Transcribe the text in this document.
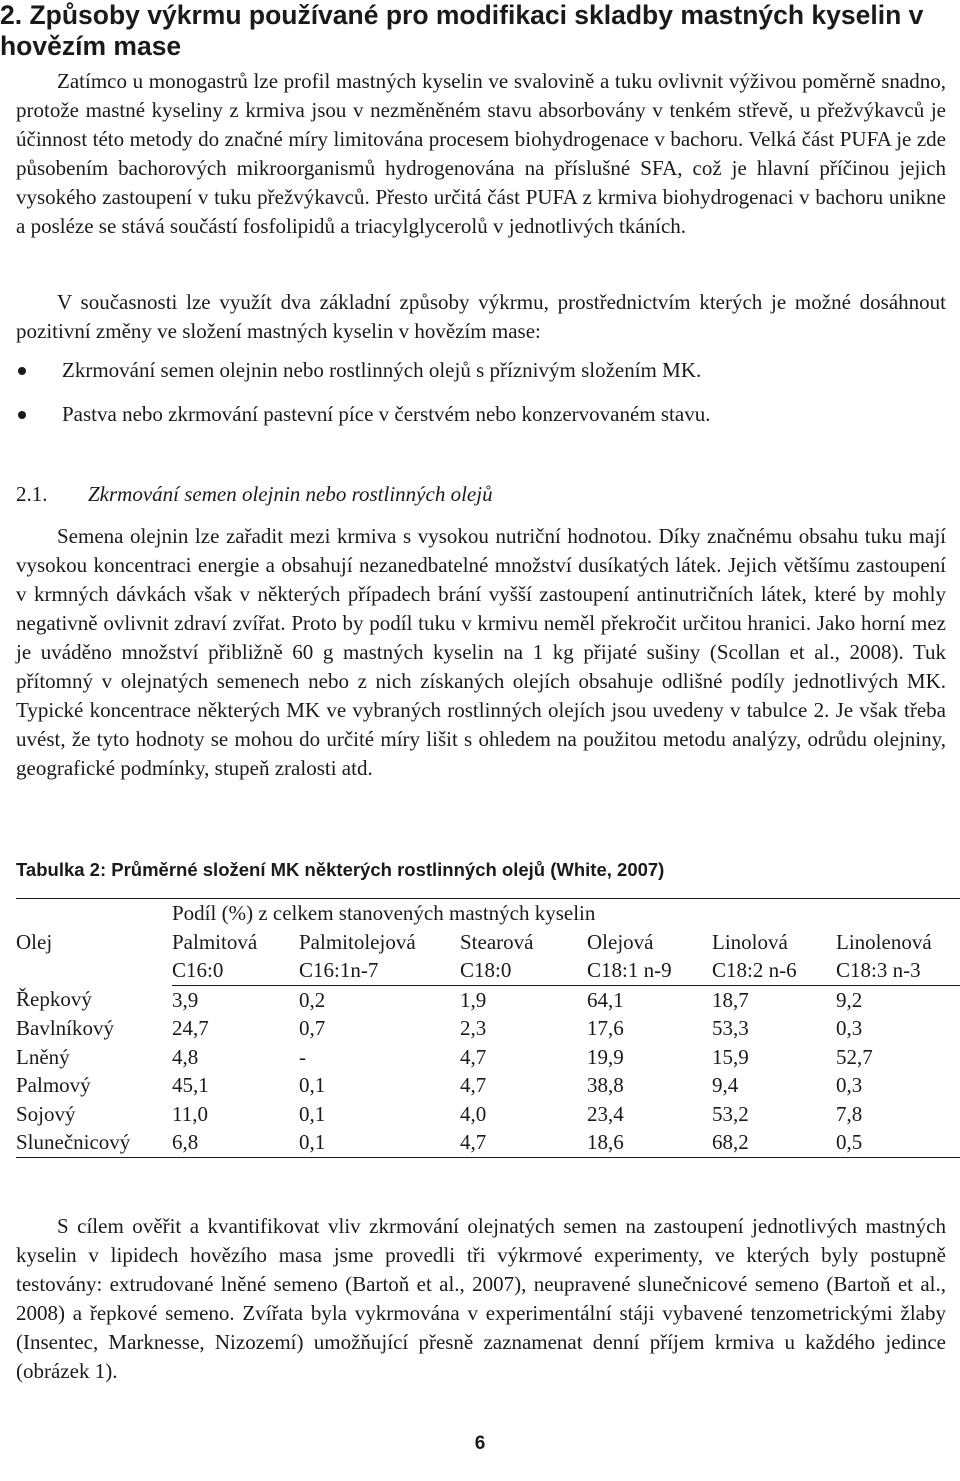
2. Způsoby výkrmu používané pro modifikaci skladby mastných kyselin v hovězím mase

Zatímco u monogastrů lze profil mastných kyselin ve svalovině a tuku ovlivnit výživou poměrně snadno, protože mastné kyseliny z krmiva jsou v nezměněném stavu absorbovány v tenkém střevě, u přežvýkavců je účinnost této metody do značné míry limitována procesem biohydrogenace v bachoru. Velká část PUFA je zde působením bachorových mikroorganismů hydrogenována na příslušné SFA, což je hlavní příčinou jejich vysokého zastoupení v tuku přežvýkavců. Přesto určitá část PUFA z krmiva biohydrogenaci v bachoru unikne a posléze se stává součástí fosfolipidů a triacylglycerolů v jednotlivých tkáních.

V současnosti lze využít dva základní způsoby výkrmu, prostřednictvím kterých je možné dosáhnout pozitivní změny ve složení mastných kyselin v hovězím mase:

Zkrmování semen olejnin nebo rostlinných olejů s příznivým složením MK.
Pastva nebo zkrmování pastevní píce v čerstvém nebo konzervovaném stavu.
2.1. Zkrmování semen olejnin nebo rostlinných olejů

Semena olejnin lze zařadit mezi krmiva s vysokou nutriční hodnotou. Díky značnému obsahu tuku mají vysokou koncentraci energie a obsahují nezanedbatelné množství dusíkatých látek. Jejich většímu zastoupení v krmných dávkách však v některých případech brání vyšší zastoupení antinutričních látek, které by mohly negativně ovlivnit zdraví zvířat. Proto by podíl tuku v krmivu neměl překročit určitou hranici. Jako horní mez je uváděno množství přibližně 60 g mastných kyselin na 1 kg přijaté sušiny (Scollan et al., 2008). Tuk přítomný v olejnatých semenech nebo z nich získaných olejích obsahuje odlišné podíly jednotlivých MK. Typické koncentrace některých MK ve vybraných rostlinných olejích jsou uvedeny v tabulce 2. Je však třeba uvést, že tyto hodnoty se mohou do určité míry lišit s ohledem na použitou metodu analýzy, odrůdu olejniny, geografické podmínky, stupeň zralosti atd.

Tabulka 2: Průměrné složení MK některých rostlinných olejů (White, 2007)

Olej	Podíl (%) z celkem stanovených mastných kyselin					
	Palmitová	Palmitolejová	Stearová	Olejová	Linolová	Linolenová
	C16:0	C16:1n-7	C18:0	C18:1 n-9	C18:2 n-6	C18:3 n-3
Řepkový	3,9	0,2	1,9	64,1	18,7	9,2
Bavlníkový	24,7	0,7	2,3	17,6	53,3	0,3
Lněný	4,8	-	4,7	19,9	15,9	52,7
Palmový	45,1	0,1	4,7	38,8	9,4	0,3
Sojový	11,0	0,1	4,0	23,4	53,2	7,8
Slunečnicový	6,8	0,1	4,7	18,6	68,2	0,5

S cílem ověřit a kvantifikovat vliv zkrmování olejnatých semen na zastoupení jednotlivých mastných kyselin v lipidech hovězího masa jsme provedli tři výkrmové experimenty, ve kterých byly postupně testovány: extrudované lněné semeno (Bartoň et al., 2007), neupravené slunečnicové semeno (Bartoň et al., 2008) a řepkové semeno. Zvířata byla vykrmována v experimentální stáji vybavené tenzometrickými žlaby (Insentec, Marknesse, Nizozemí) umožňující přesně zaznamenat denní příjem krmiva u každého jedince (obrázek 1).

6
